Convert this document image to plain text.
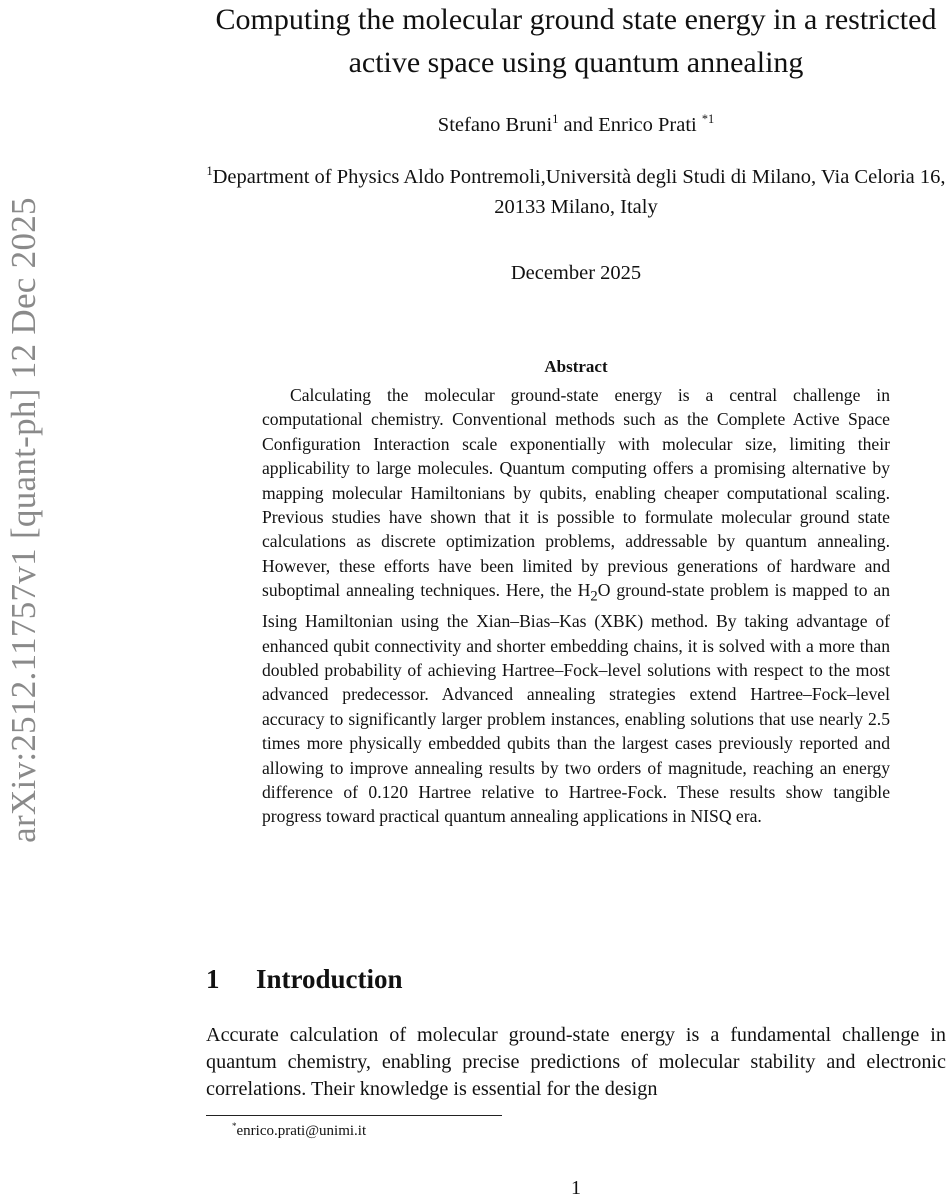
arXiv:2512.11757v1 [quant-ph] 12 Dec 2025
Computing the molecular ground state energy in a restricted active space using quantum annealing
Stefano Bruni$^1$ and Enrico Prati $^{*1}$
$^1$Department of Physics Aldo Pontremoli,Università degli Studi di Milano, Via Celoria 16, 20133 Milano, Italy
December 2025
Abstract

Calculating the molecular ground-state energy is a central challenge in computational chemistry. Conventional methods such as the Complete Active Space Configuration Interaction scale exponentially with molecular size, limiting their applicability to large molecules. Quantum computing offers a promising alternative by mapping molecular Hamiltonians by qubits, enabling cheaper computational scaling. Previous studies have shown that it is possible to formulate molecular ground state calculations as discrete optimization problems, addressable by quantum annealing. However, these efforts have been limited by previous generations of hardware and suboptimal annealing techniques. Here, the $H_2O$ ground-state problem is mapped to an Ising Hamiltonian using the Xian–Bias–Kas (XBK) method. By taking advantage of enhanced qubit connectivity and shorter embedding chains, it is solved with a more than doubled probability of achieving Hartree–Fock–level solutions with respect to the most advanced predecessor. Advanced annealing strategies extend Hartree–Fock–level accuracy to significantly larger problem instances, enabling solutions that use nearly 2.5 times more physically embedded qubits than the largest cases previously reported and allowing to improve annealing results by two orders of magnitude, reaching an energy difference of 0.120 Hartree relative to Hartree-Fock. These results show tangible progress toward practical quantum annealing applications in NISQ era.

1 Introduction

Accurate calculation of molecular ground-state energy is a fundamental challenge in quantum chemistry, enabling precise predictions of molecular stability and electronic correlations. Their knowledge is essential for the design

*enrico.prati@unimi.it
1
